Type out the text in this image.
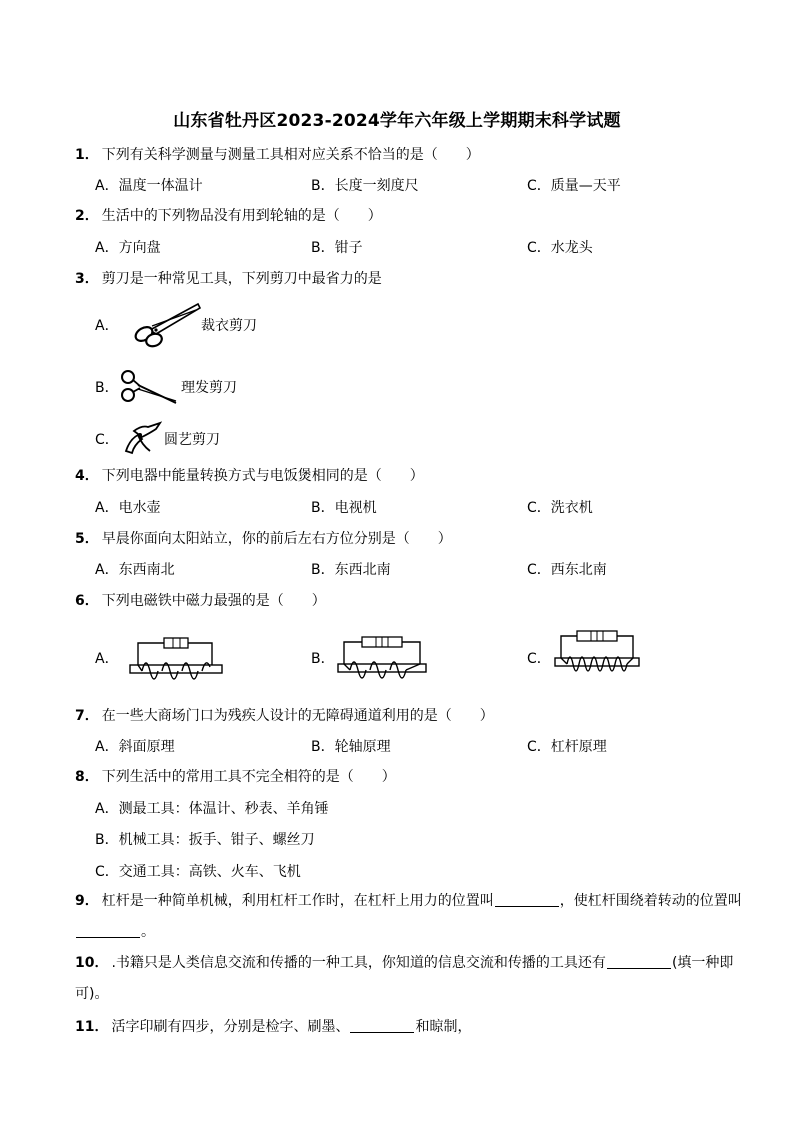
山东省牡丹区2023-2024学年六年级上学期期末科学试题
1． 下列有关科学测量与测量工具相对应关系不恰当的是（　　）
A．温度一体温计	B．长度一刻度尺	C．质量—天平
2． 生活中的下列物品没有用到轮轴的是（　　）
A．方向盘	B．钳子	C．水龙头
3． 剪刀是一种常见工具，下列剪刀中最省力的是
A．	裁衣剪刀
B．	理发剪刀
C．	圆艺剪刀
4． 下列电器中能量转换方式与电饭煲相同的是（　　）
A．电水壶	B．电视机	C．洗衣机
5． 早晨你面向太阳站立，你的前后左右方位分别是（　　）
A．东西南北	B．东西北南	C．西东北南
6． 下列电磁铁中磁力最强的是（　　）
A．	B．	C．
7． 在一些大商场门口为残疾人设计的无障碍通道利用的是（　　）
A．斜面原理	B．轮轴原理	C．杠杆原理
8． 下列生活中的常用工具不完全相符的是（　　）
A．测最工具：体温计、秒表、羊角锤
B．机械工具：扳手、钳子、螺丝刀
C．交通工具：高铁、火车、飞机
9． 杠杆是一种简单机械，利用杠杆工作时，在杠杆上用力的位置叫	，使杠杆围绕着转动的位置叫。
10． .书籍只是人类信息交流和传播的一种工具，你知道的信息交流和传播的工具还有	(填一种即可)。
11． 活字印刷有四步，分别是检字、刷墨、	和晾制，
